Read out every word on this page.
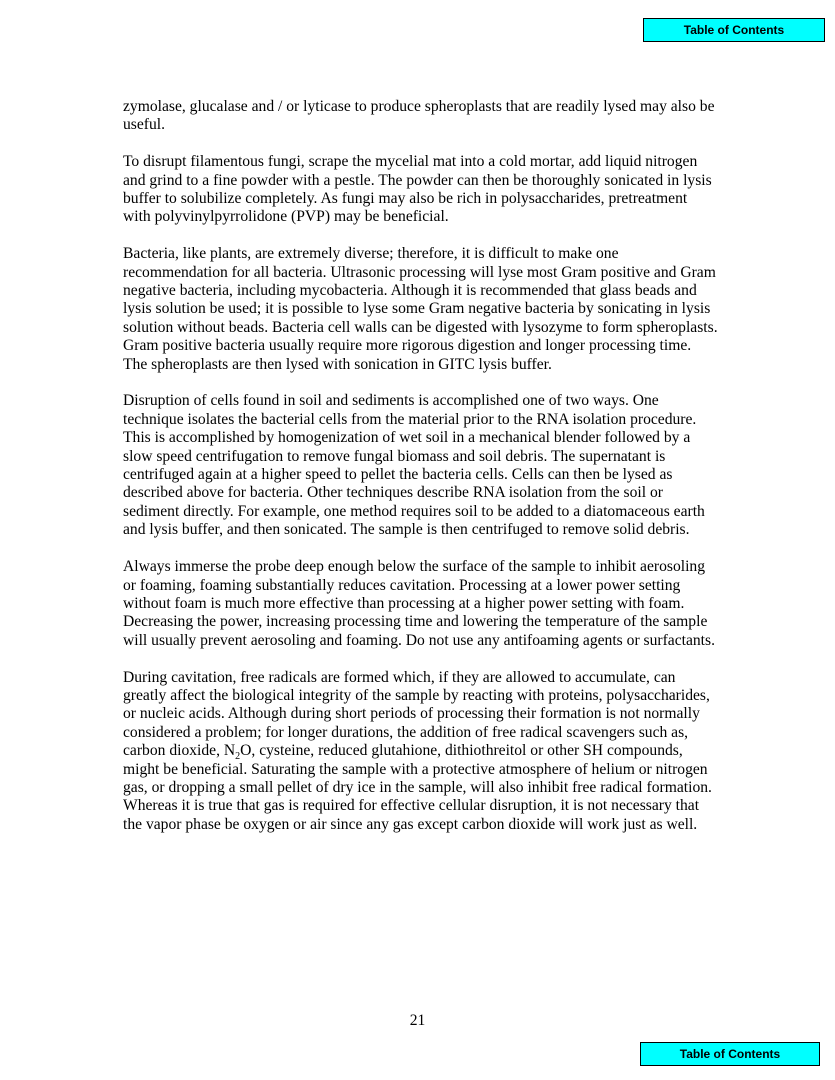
Table of Contents

zymolase, glucalase and / or lyticase to produce spheroplasts that are readily lysed may also be useful.

To disrupt filamentous fungi, scrape the mycelial mat into a cold mortar, add liquid nitrogen and grind to a fine powder with a pestle. The powder can then be thoroughly sonicated in lysis buffer to solubilize completely. As fungi may also be rich in polysaccharides, pretreatment with polyvinylpyrrolidone (PVP) may be beneficial.

Bacteria, like plants, are extremely diverse; therefore, it is difficult to make one recommendation for all bacteria. Ultrasonic processing will lyse most Gram positive and Gram negative bacteria, including mycobacteria. Although it is recommended that glass beads and lysis solution be used; it is possible to lyse some Gram negative bacteria by sonicating in lysis solution without beads. Bacteria cell walls can be digested with lysozyme to form spheroplasts. Gram positive bacteria usually require more rigorous digestion and longer processing time. The spheroplasts are then lysed with sonication in GITC lysis buffer.

Disruption of cells found in soil and sediments is accomplished one of two ways. One technique isolates the bacterial cells from the material prior to the RNA isolation procedure. This is accomplished by homogenization of wet soil in a mechanical blender followed by a slow speed centrifugation to remove fungal biomass and soil debris. The supernatant is centrifuged again at a higher speed to pellet the bacteria cells. Cells can then be lysed as described above for bacteria. Other techniques describe RNA isolation from the soil or sediment directly. For example, one method requires soil to be added to a diatomaceous earth and lysis buffer, and then sonicated. The sample is then centrifuged to remove solid debris.

Always immerse the probe deep enough below the surface of the sample to inhibit aerosoling or foaming, foaming substantially reduces cavitation. Processing at a lower power setting without foam is much more effective than processing at a higher power setting with foam. Decreasing the power, increasing processing time and lowering the temperature of the sample will usually prevent aerosoling and foaming. Do not use any antifoaming agents or surfactants.

During cavitation, free radicals are formed which, if they are allowed to accumulate, can greatly affect the biological integrity of the sample by reacting with proteins, polysaccharides, or nucleic acids. Although during short periods of processing their formation is not normally considered a problem; for longer durations, the addition of free radical scavengers such as, carbon dioxide, $N_2O$, cysteine, reduced glutahione, dithiothreitol or other SH compounds, might be beneficial. Saturating the sample with a protective atmosphere of helium or nitrogen gas, or dropping a small pellet of dry ice in the sample, will also inhibit free radical formation. Whereas it is true that gas is required for effective cellular disruption, it is not necessary that the vapor phase be oxygen or air since any gas except carbon dioxide will work just as well.

21
Table of Contents
